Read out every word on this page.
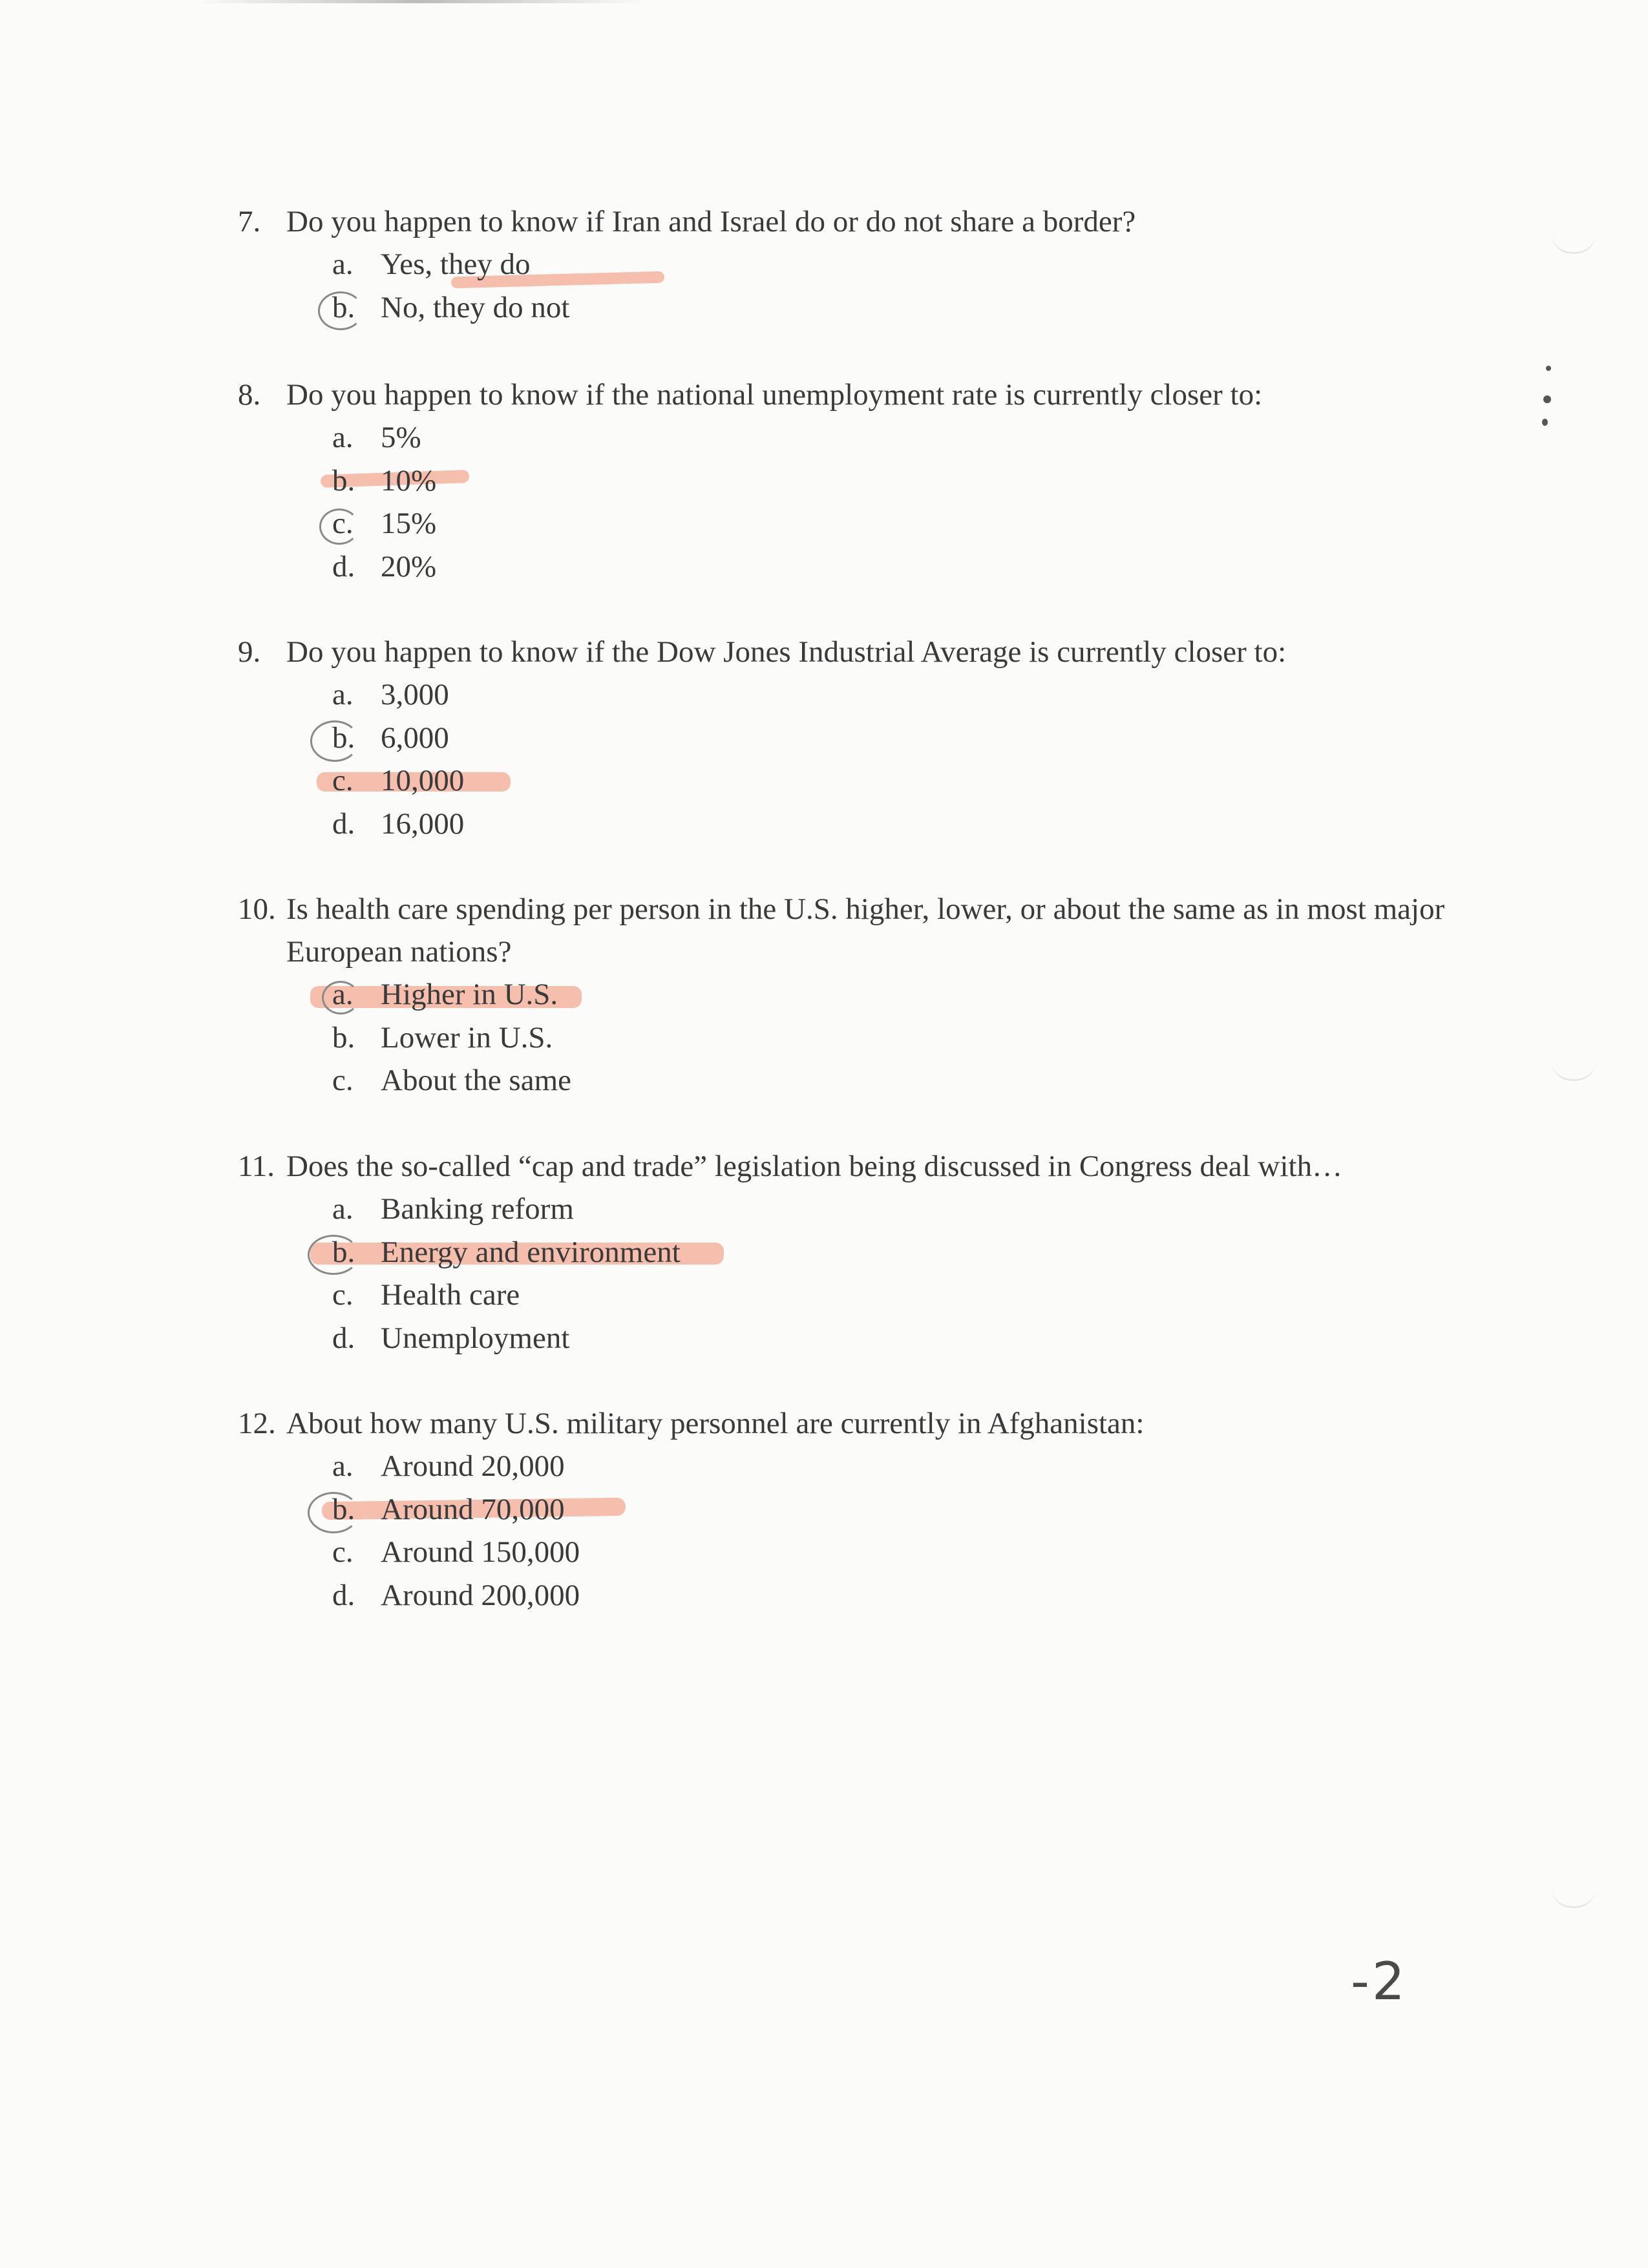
7. Do you happen to know if Iran and Israel do or do not share a border?
a. Yes, they do
b. No, they do not
8. Do you happen to know if the national unemployment rate is currently closer to:
a. 5%
b. 10%
c. 15%
d. 20%
9. Do you happen to know if the Dow Jones Industrial Average is currently closer to:
a. 3,000
b. 6,000
c. 10,000
d. 16,000
10. Is health care spending per person in the U.S. higher, lower, or about the same as in most major European nations?
a. Higher in U.S.
b. Lower in U.S.
c. About the same
11. Does the so-called “cap and trade” legislation being discussed in Congress deal with…
a. Banking reform
b. Energy and environment
c. Health care
d. Unemployment
12. About how many U.S. military personnel are currently in Afghanistan:
a. Around 20,000
b. Around 70,000
c. Around 150,000
d. Around 200,000
-2
